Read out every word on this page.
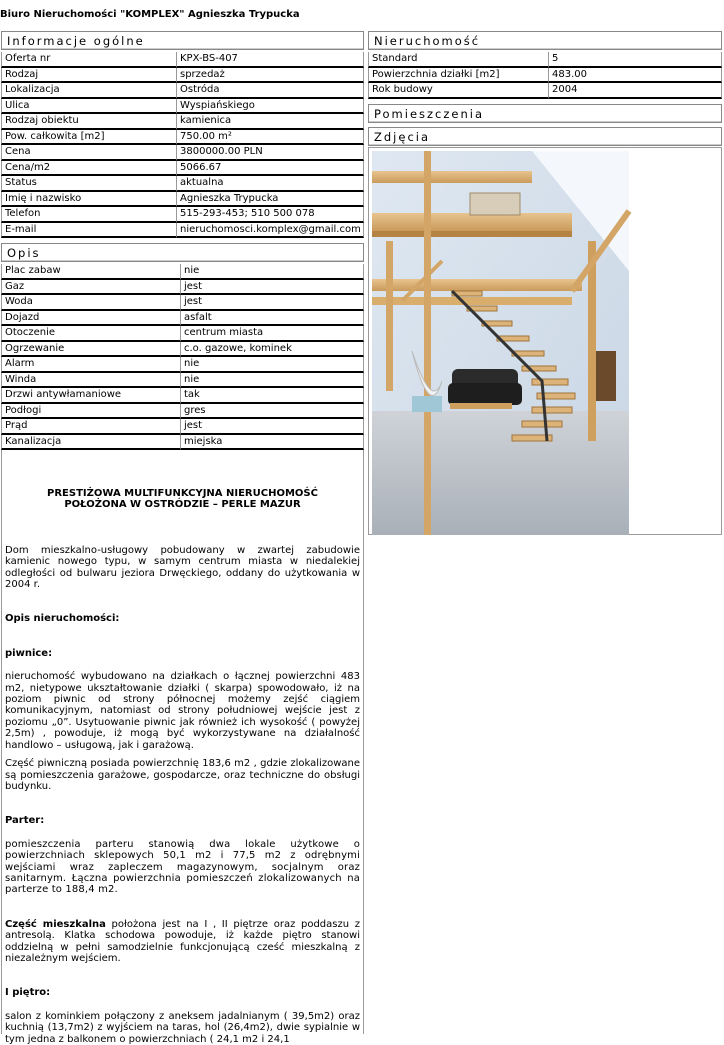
Biuro Nieruchomości "KOMPLEX" Agnieszka Trypucka
Informacje ogólne
Oferta nr	KPX-BS-407
Rodzaj	sprzedaż
Lokalizacja	Ostróda
Ulica	Wyspiańskiego
Rodzaj obiektu	kamienica
Pow. całkowita [m2]	750.00 m²
Cena	3800000.00 PLN
Cena/m2	5066.67
Status	aktualna
Imię i nazwisko	Agnieszka Trypucka
Telefon	515-293-453; 510 500 078
E-mail	nieruchomosci.komplex@gmail.com
Opis
Plac zabaw	nie
Gaz	jest
Woda	jest
Dojazd	asfalt
Otoczenie	centrum miasta
Ogrzewanie	c.o. gazowe, kominek
Alarm	nie
Winda	nie
Drzwi antywłamaniowe	tak
Podłogi	gres
Prąd	jest
Kanalizacja	miejska

PRESTIŻOWA MULTIFUNKCYJNA NIERUCHOMOŚĆ POŁOŻONA W OSTRÓDZIE – PERLE MAZUR

Dom mieszkalno-usługowy pobudowany w zwartej zabudowie kamienic nowego typu, w samym centrum miasta w niedalekiej odległości od bulwaru jeziora Drwęckiego, oddany do użytkowania w 2004 r.

Opis nieruchomości:

piwnice:

nieruchomość wybudowano na działkach o łącznej powierzchni 483 m2, nietypowe ukształtowanie działki ( skarpa) spowodowało, iż na poziom piwnic od strony północnej możemy zejść ciągiem komunikacyjnym, natomiast od strony południowej wejście jest z poziomu „0”. Usytuowanie piwnic jak również ich wysokość ( powyżej 2,5m) , powoduje, iż mogą być wykorzystywane na działalność handlowo – usługową, jak i garażową.

Część piwniczną posiada powierzchnię 183,6 m2 , gdzie zlokalizowane są pomieszczenia garażowe, gospodarcze, oraz techniczne do obsługi budynku.

Parter:

pomieszczenia parteru stanowią dwa lokale użytkowe o powierzchniach sklepowych 50,1 m2 i 77,5 m2 z odrębnymi wejściami wraz zapleczem magazynowym, socjalnym oraz sanitarnym. Łączna powierzchnia pomieszczeń zlokalizowanych na parterze to 188,4 m2.

Część mieszkalna położona jest na I , II piętrze oraz poddaszu z antresolą. Klatka schodowa powoduje, iż każde piętro stanowi oddzielną w pełni samodzielnie funkcjonującą cześć mieszkalną z niezależnym wejściem.

I piętro:

salon z kominkiem połączony z aneksem jadalnianym ( 39,5m2) oraz kuchnią (13,7m2) z wyjściem na taras, hol (26,4m2), dwie sypialnie w tym jedna z balkonem o powierzchniach ( 24,1 m2 i 24,1

Nieruchomość
Standard	5
Powierzchnia działki [m2]	483.00
Rok budowy	2004
Pomieszczenia
Zdjęcia
